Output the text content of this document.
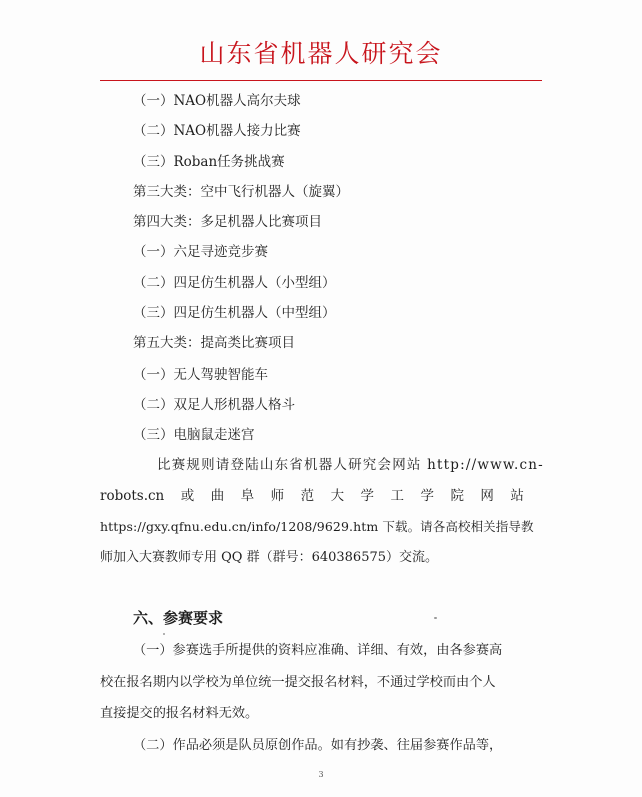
山东省机器人研究会
（一）NAO机器人高尔夫球
（二）NAO机器人接力比赛
（三）Roban任务挑战赛
第三大类：空中飞行机器人（旋翼）
第四大类：多足机器人比赛项目
（一）六足寻迹竞步赛
（二）四足仿生机器人（小型组）
（三）四足仿生机器人（中型组）
第五大类：提高类比赛项目
（一）无人驾驶智能车
（二）双足人形机器人格斗
（三）电脑鼠走迷宫
比赛规则请登陆山东省机器人研究会网站 http://www.cn-
robots.cn 或 曲 阜 师 范 大 学 工 学 院 网 站
https://gxy.qfnu.edu.cn/info/1208/9629.htm 下载。请各高校相关指导教
师加入大赛教师专用 QQ 群（群号：640386575）交流。
六、参赛要求
（一）参赛选手所提供的资料应准确、详细、有效，由各参赛高
校在报名期内以学校为单位统一提交报名材料，不通过学校而由个人
直接提交的报名材料无效。
（二）作品必须是队员原创作品。如有抄袭、往届参赛作品等，
3
